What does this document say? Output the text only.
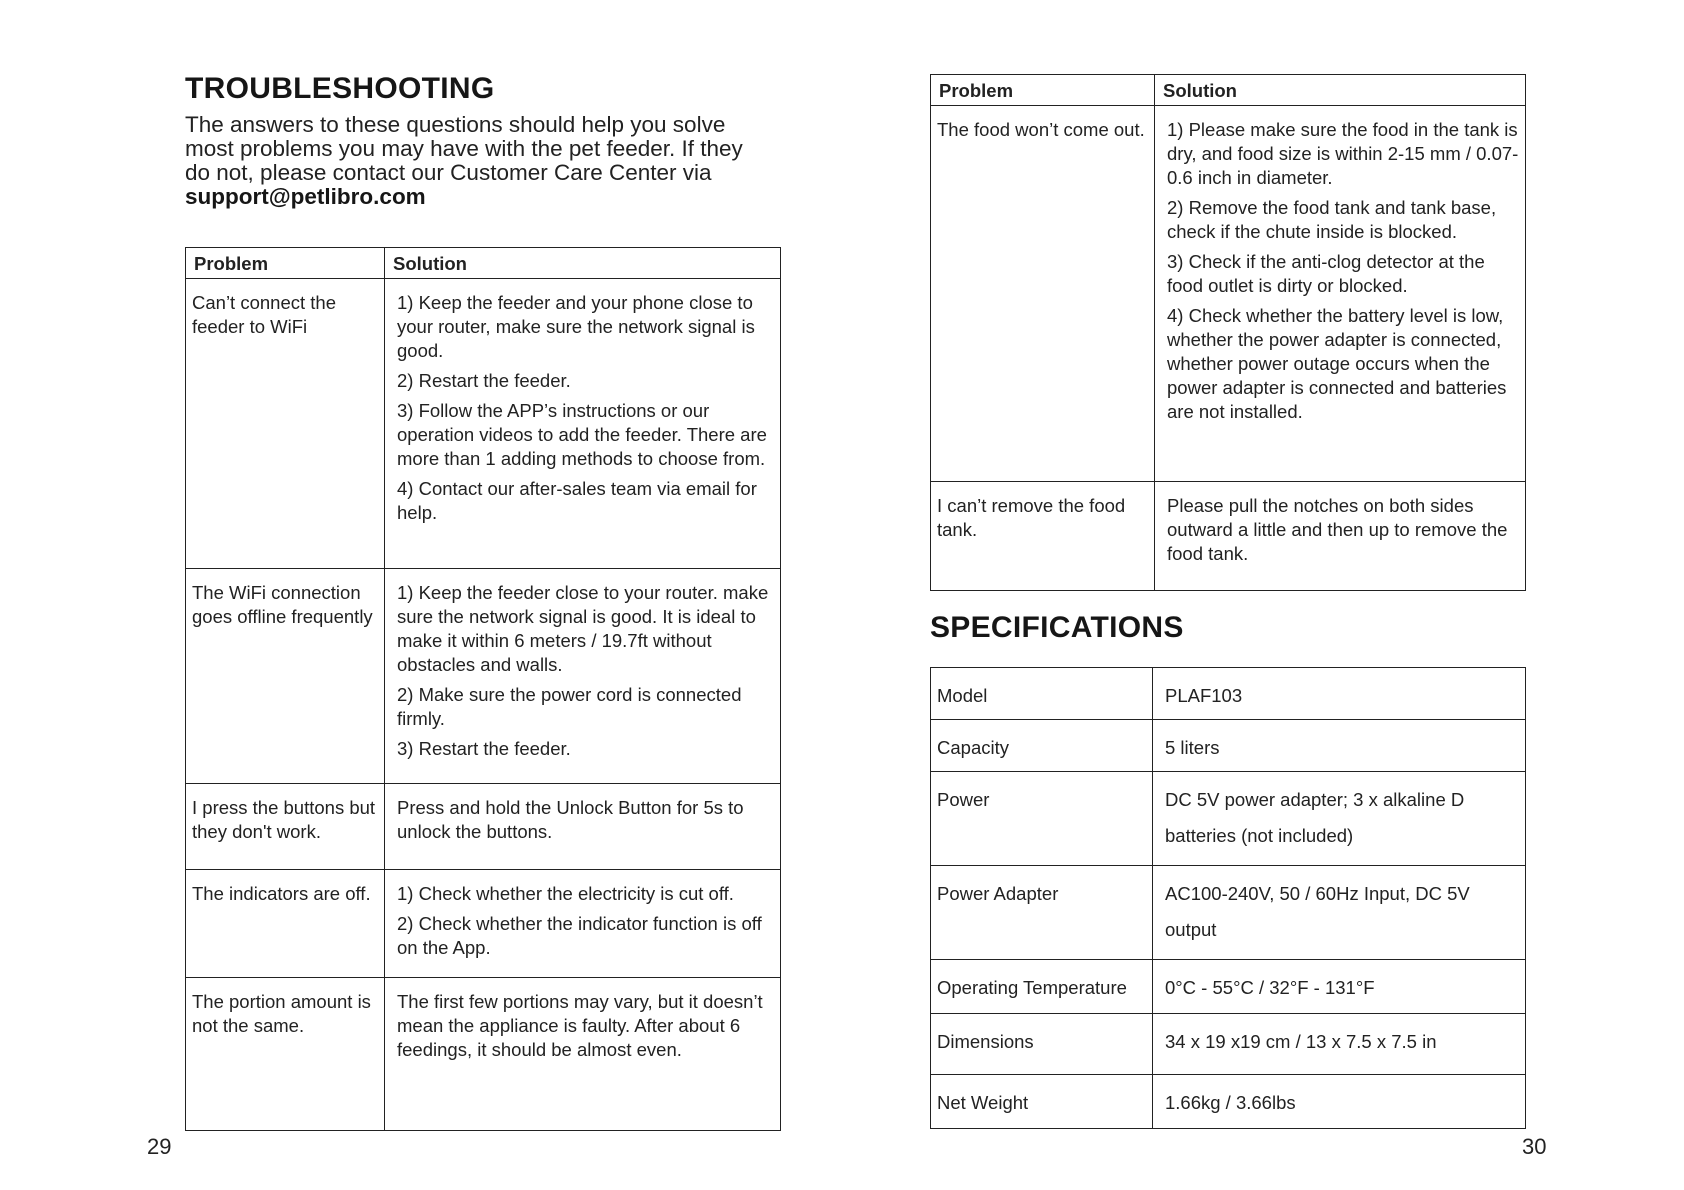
TROUBLESHOOTING

The answers to these questions should help you solve most problems you may have with the pet feeder. If they do not, please contact our Customer Care Center via support@petlibro.com

Problem	Solution
Can’t connect the feeder to WiFi	1) Keep the feeder and your phone close to your router, make sure the network signal is good.
2) Restart the feeder.
3) Follow the APP’s instructions or our operation videos to add the feeder. There are more than 1 adding methods to choose from.
4) Contact our after-sales team via email for help.

The WiFi connection goes offline frequently	1) Keep the feeder close to your router. make sure the network signal is good. It is ideal to make it within 6 meters / 19.7ft without obstacles and walls.
2) Make sure the power cord is connected firmly.
3) Restart the feeder.

I press the buttons but they don't work.	Press and hold the Unlock Button for 5s to unlock the buttons.

The indicators are off.	1) Check whether the electricity is cut off.
2) Check whether the indicator function is off on the App.

The portion amount is not the same.	The first few portions may vary, but it doesn’t mean the appliance is faulty. After about 6 feedings, it should be almost even.
29
Problem	Solution
The food won’t come out.	1) Please make sure the food in the tank is dry, and food size is within 2-15 mm / 0.07-0.6 inch in diameter.
2) Remove the food tank and tank base, check if the chute inside is blocked.
3) Check if the anti-clog detector at the food outlet is dirty or blocked.
4) Check whether the battery level is low, whether the power adapter is connected, whether power outage occurs when the power adapter is connected and batteries are not installed.

I can’t remove the food tank.	Please pull the notches on both sides outward a little and then up to remove the food tank.
SPECIFICATIONS
Model	PLAF103
Capacity	5 liters
Power	DC 5V power adapter; 3 x alkaline D batteries (not included)
Power Adapter	AC100-240V, 50 / 60Hz Input, DC 5V output
Operating Temperature	0°C - 55°C / 32°F - 131°F
Dimensions	34 x 19 x19 cm / 13 x 7.5 x 7.5 in
Net Weight	1.66kg / 3.66lbs
30
